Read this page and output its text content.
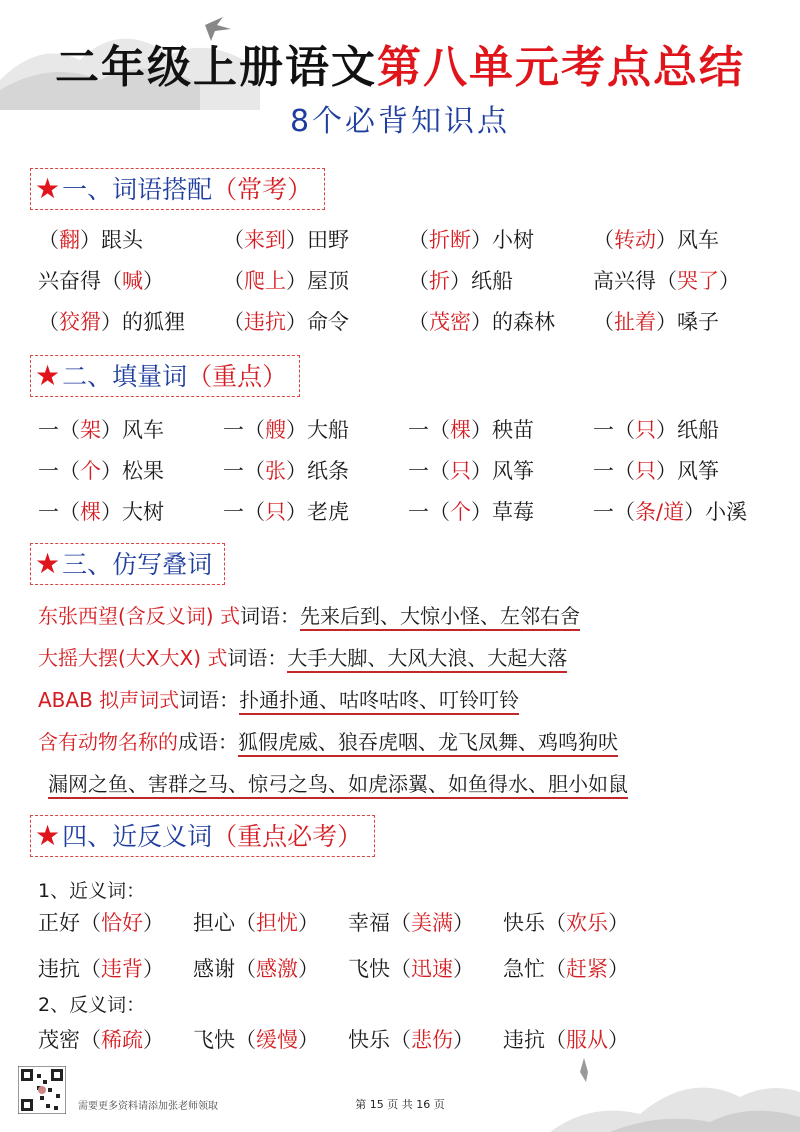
二年级上册语文第八单元考点总结
8个必背知识点
★一、词语搭配（常考）
（翻）跟头	（来到）田野	（折断）小树	（转动）风车
兴奋得（喊）	（爬上）屋顶	（折）纸船	高兴得（哭了）
（狡猾）的狐狸	（违抗）命令	（茂密）的森林	（扯着）嗓子
★二、填量词（重点）
一（架）风车	一（艘）大船	一（棵）秧苗	一（只）纸船
一（个）松果	一（张）纸条	一（只）风筝	一（只）风筝
一（棵）大树	一（只）老虎	一（个）草莓	一（条/道）小溪
★三、仿写叠词
东张西望(含反义词) 式词语：先来后到、大惊小怪、左邻右舍
大摇大摆(大X大X) 式词语：大手大脚、大风大浪、大起大落
ABAB 拟声词式词语：扑通扑通、咕咚咕咚、叮铃叮铃
含有动物名称的成语：狐假虎威、狼吞虎咽、龙飞凤舞、鸡鸣狗吠
漏网之鱼、害群之马、惊弓之鸟、如虎添翼、如鱼得水、胆小如鼠
★四、近反义词（重点必考）
1、近义词：
正好（恰好）	担心（担忧）	幸福（美满）	快乐（欢乐）
违抗（违背）	感谢（感激）	飞快（迅速）	急忙（赶紧）
2、反义词：
茂密（稀疏）	飞快（缓慢）	快乐（悲伤）	违抗（服从）
需要更多资料请添加张老师领取	第 15 页 共 16 页
